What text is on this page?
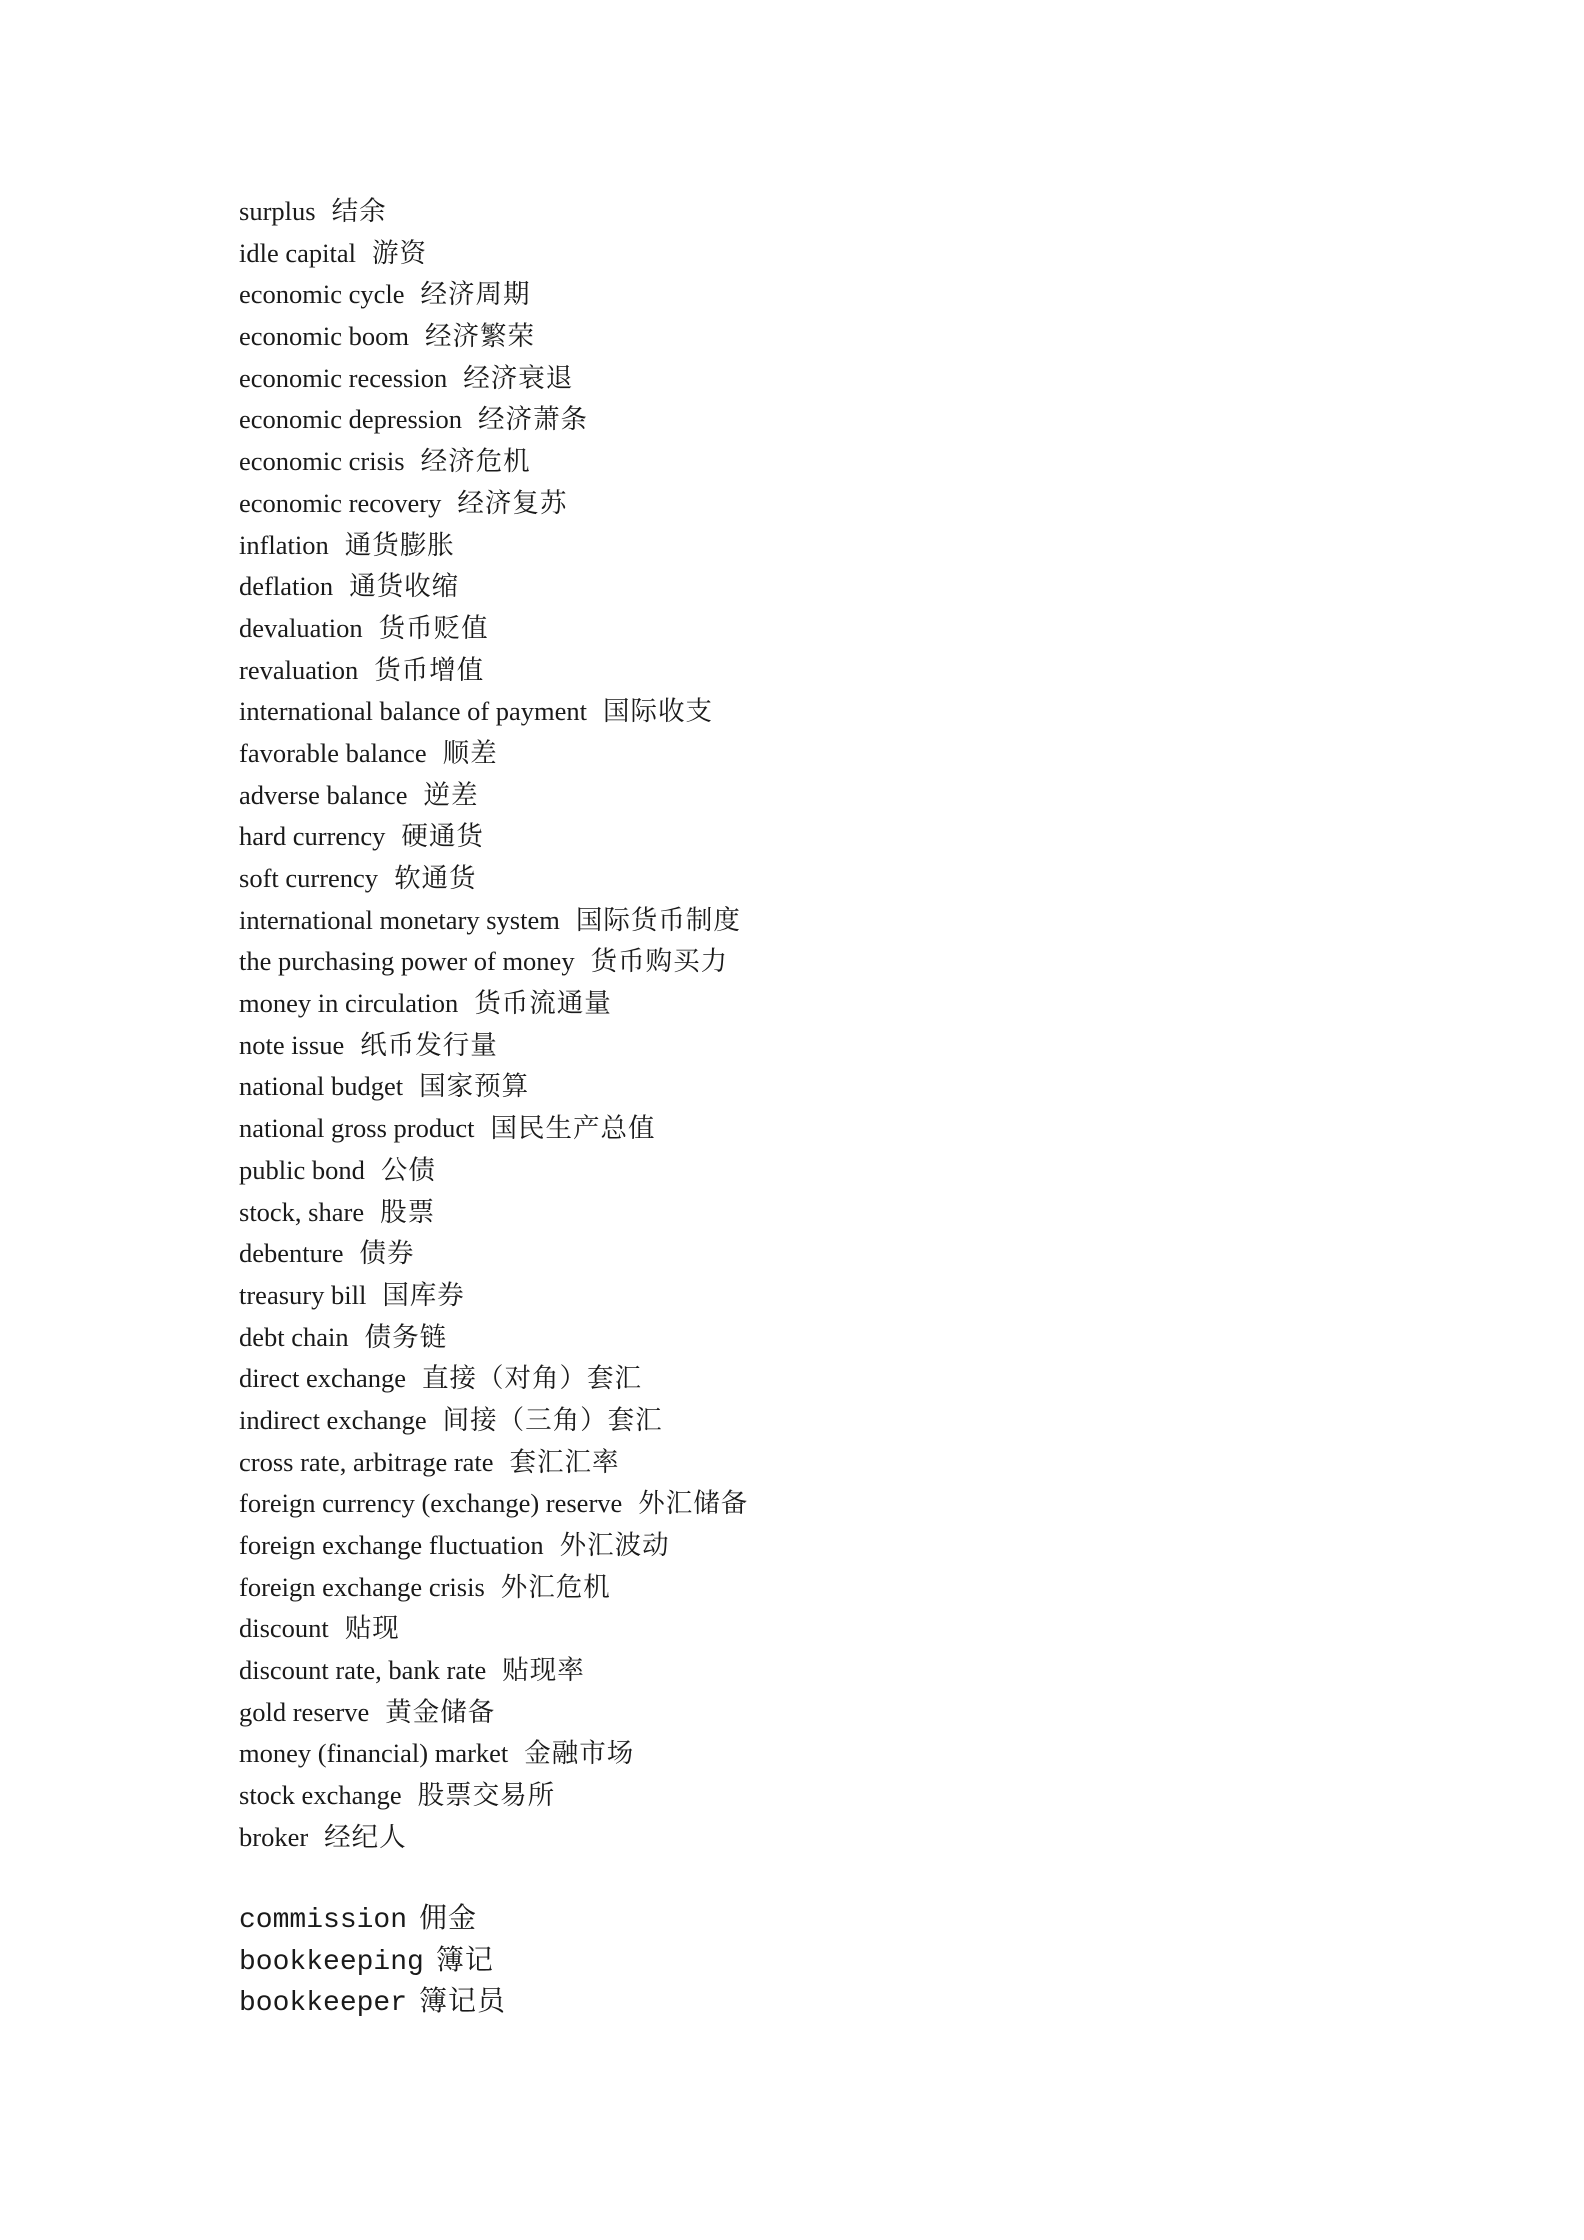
surplus 结余
idle capital 游资
economic cycle 经济周期
economic boom 经济繁荣
economic recession 经济衰退
economic depression 经济萧条
economic crisis 经济危机
economic recovery 经济复苏
inflation 通货膨胀
deflation 通货收缩
devaluation 货币贬值
revaluation 货币增值
international balance of payment 国际收支
favorable balance 顺差
adverse balance 逆差
hard currency 硬通货
soft currency 软通货
international monetary system 国际货币制度
the purchasing power of money 货币购买力
money in circulation 货币流通量
note issue 纸币发行量
national budget 国家预算
national gross product 国民生产总值
public bond 公债
stock, share 股票
debenture 债券
treasury bill 国库券
debt chain 债务链
direct exchange 直接（对角）套汇
indirect exchange 间接（三角）套汇
cross rate, arbitrage rate 套汇汇率
foreign currency (exchange) reserve 外汇储备
foreign exchange fluctuation 外汇波动
foreign exchange crisis 外汇危机
discount 贴现
discount rate, bank rate 贴现率
gold reserve 黄金储备
money (financial) market 金融市场
stock exchange 股票交易所
broker 经纪人
commission 佣金
bookkeeping 簿记
bookkeeper 簿记员
